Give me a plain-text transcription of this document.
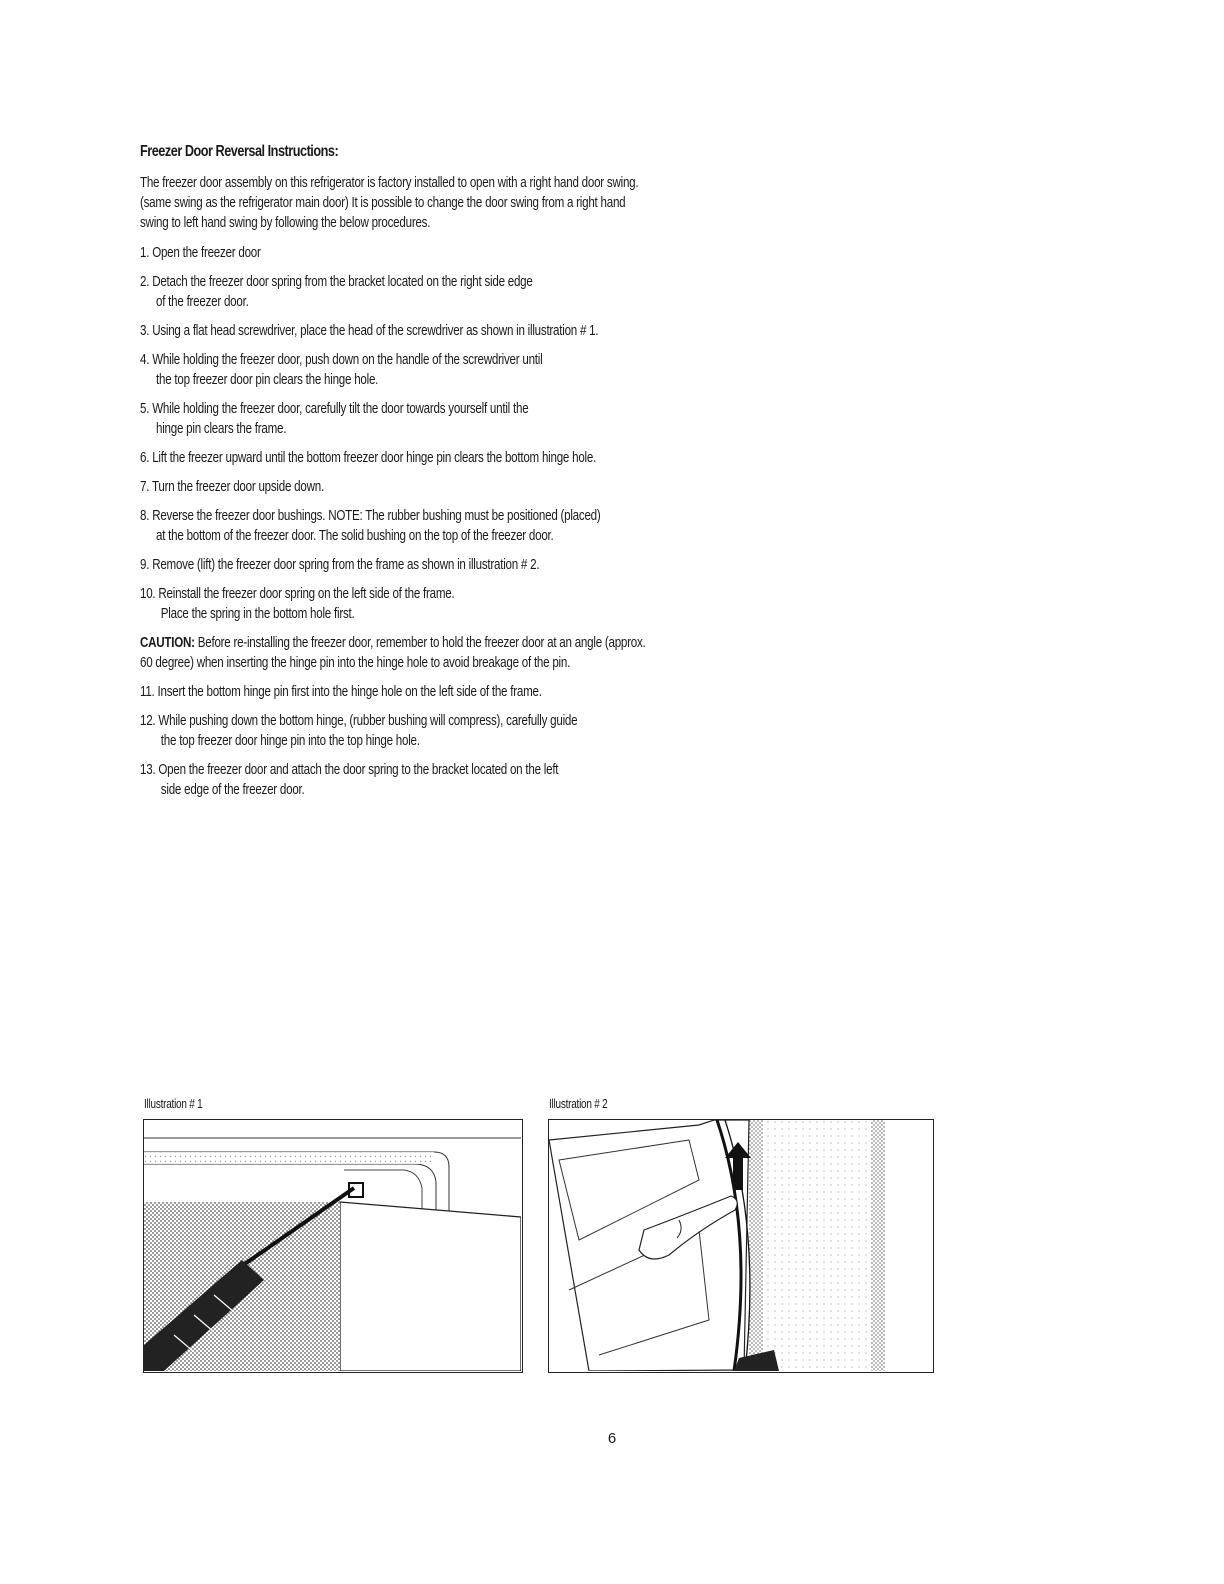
Freezer Door Reversal Instructions:
The freezer door assembly on this refrigerator is factory installed to open with a right hand door swing. (same swing as the refrigerator main door) It is possible to change the door swing from a right hand swing to left hand swing by following the below procedures.
1. Open the freezer door
2. Detach the freezer door spring from the bracket located on the right side edge
of the freezer door.
3. Using a flat head screwdriver, place the head of the screwdriver as shown in illustration # 1.
4. While holding the freezer door, push down on the handle of the screwdriver until
the top freezer door pin clears the hinge hole.
5. While holding the freezer door, carefully tilt the door towards yourself until the
hinge pin clears the frame.
6. Lift the freezer upward until the bottom freezer door hinge pin clears the bottom hinge hole.
7. Turn the freezer door upside down.
8. Reverse the freezer door bushings. NOTE: The rubber bushing must be positioned (placed)
at the bottom of the freezer door. The solid bushing on the top of the freezer door.
9. Remove (lift) the freezer door spring from the frame as shown in illustration # 2.
10. Reinstall the freezer door spring on the left side of the frame.
Place the spring in the bottom hole first.
CAUTION: Before re-installing the freezer door, remember to hold the freezer door at an angle (approx. 60 degree) when inserting the hinge pin into the hinge hole to avoid breakage of the pin.
11. Insert the bottom hinge pin first into the hinge hole on the left side of the frame.
12. While pushing down the bottom hinge, (rubber bushing will compress), carefully guide
the top freezer door hinge pin into the top hinge hole.
13. Open the freezer door and attach the door spring to the bracket located on the left
side edge of the freezer door.
Illustration # 1	Illustration # 2
6
